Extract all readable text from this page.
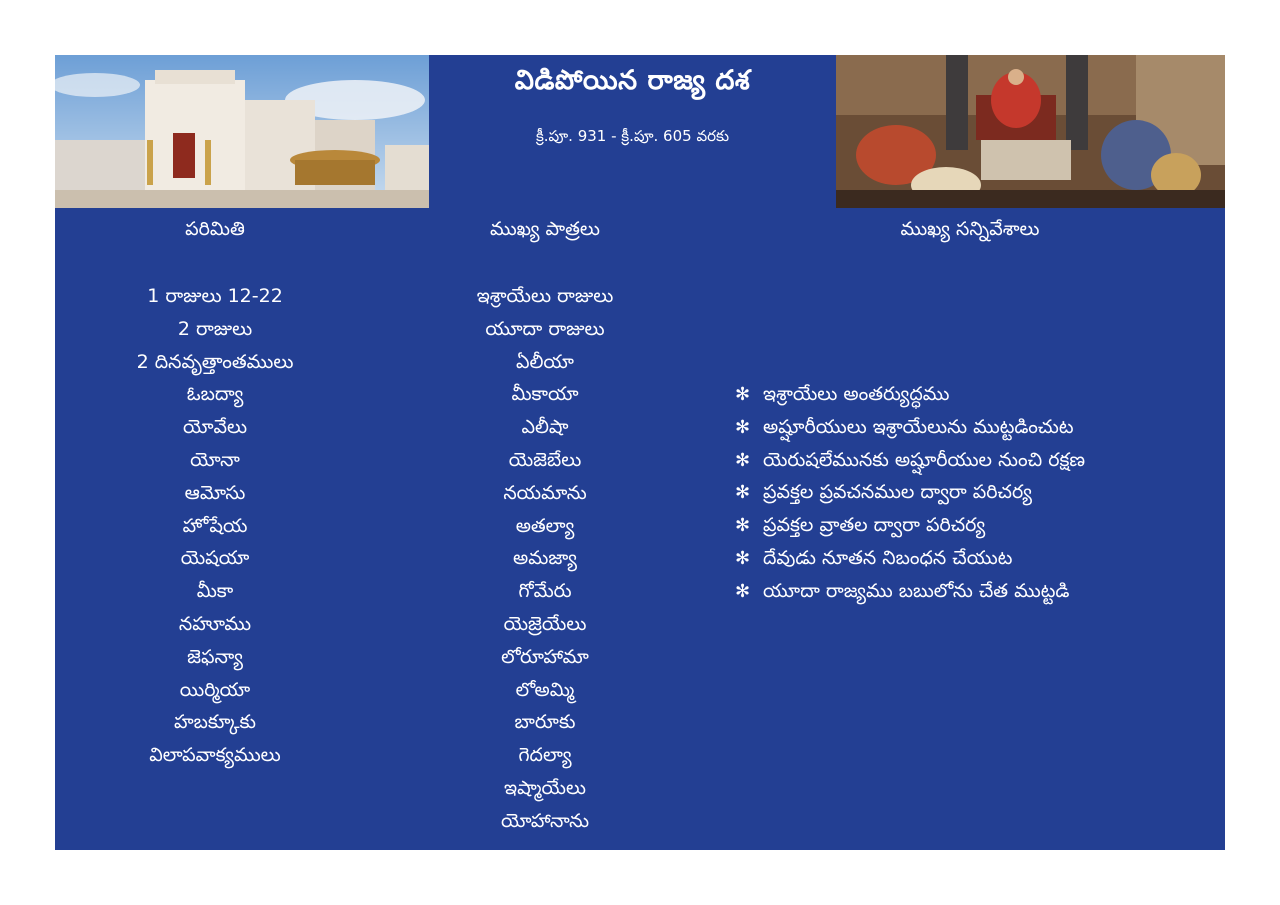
విడిపోయిన రాజ్య దశ
క్రీ.పూ. 931 - క్రీ.పూ. 605 వరకు
పరిమితి	ముఖ్య పాత్రలు	ముఖ్య సన్నివేశాలు
1 రాజులు 12-22
2 రాజులు
2 దినవృత్తాంతములు
ఓబద్యా
యోవేలు
యోనా
ఆమోసు
హోషేయ
యెషయా
మీకా
నహూము
జెఫన్యా
యిర్మియా
హబక్కూకు
విలాపవాక్యములు
ఇశ్రాయేలు రాజులు
యూదా రాజులు
ఏలీయా
మీకాయా
ఎలీషా
యెజెబేలు
నయమాను
అతల్యా
అమజ్యా
గోమేరు
యెజ్రెయేలు
లోరూహామా
లోఅమ్మి
బారూకు
గెదల్యా
ఇష్మాయేలు
యోహానాను
✻ ఇశ్రాయేలు అంతర్యుద్ధము
✻ అష్షూరీయులు ఇశ్రాయేలును ముట్టడించుట
✻ యెరుషలేమునకు అష్షూరీయుల నుంచి రక్షణ
✻ ప్రవక్తల ప్రవచనముల ద్వారా పరిచర్య
✻ ప్రవక్తల వ్రాతల ద్వారా పరిచర్య
✻ దేవుడు నూతన నిబంధన చేయుట
✻ యూదా రాజ్యము బబులోను చేత ముట్టడి
